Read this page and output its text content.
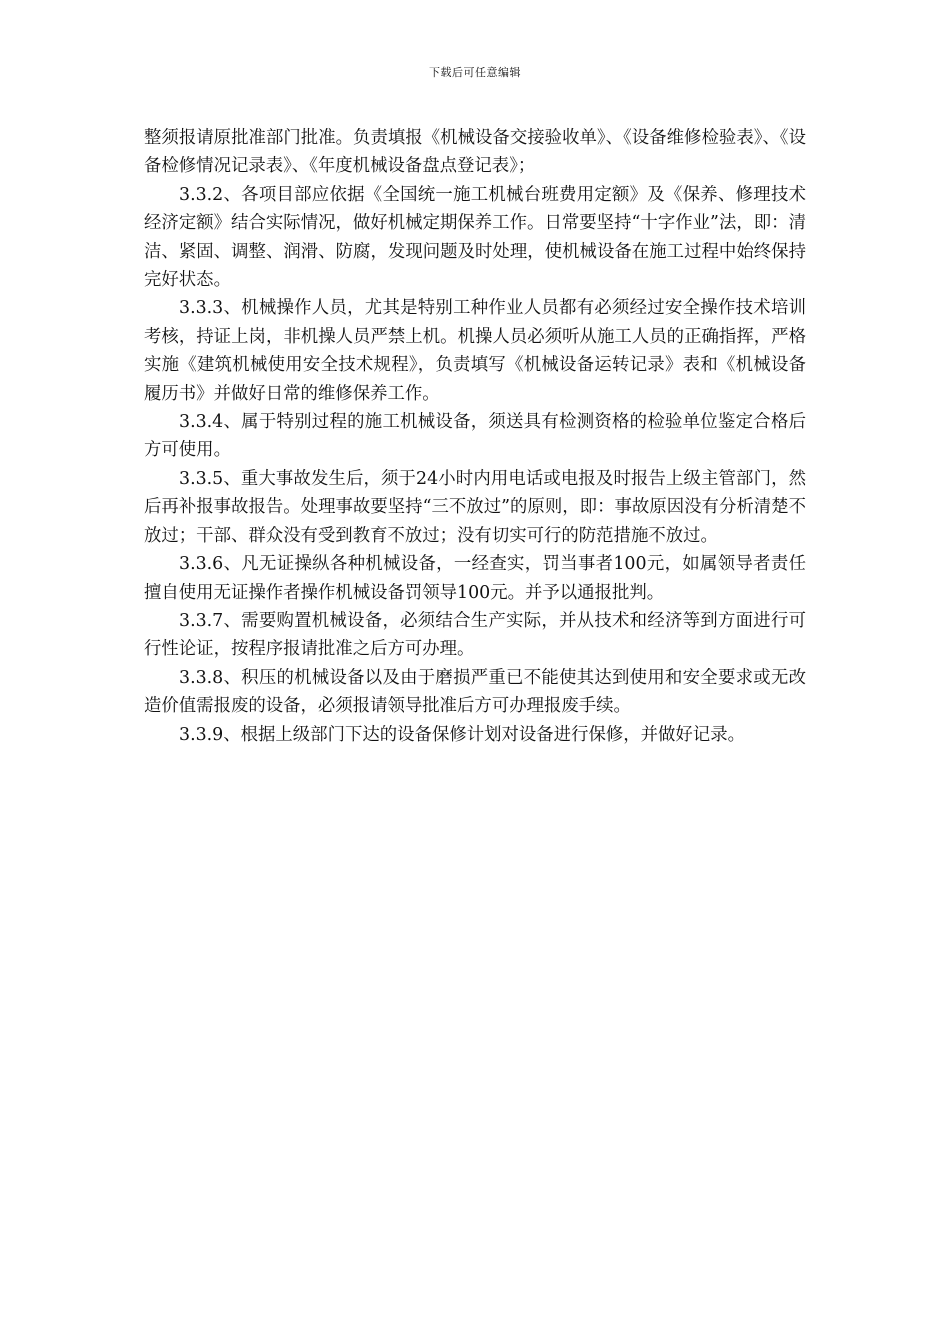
下载后可任意编辑

整须报请原批准部门批准。负责填报《机械设备交接验收单》、《设备维修检验表》、《设备检修情况记录表》、《年度机械设备盘点登记表》；

3.3.2、各项目部应依据《全国统一施工机械台班费用定额》及《保养、修理技术经济定额》结合实际情况，做好机械定期保养工作。日常要坚持“十字作业”法，即：清洁、紧固、调整、润滑、防腐，发现问题及时处理，使机械设备在施工过程中始终保持完好状态。

3.3.3、机械操作人员，尤其是特别工种作业人员都有必须经过安全操作技术培训考核，持证上岗，非机操人员严禁上机。机操人员必须听从施工人员的正确指挥，严格实施《建筑机械使用安全技术规程》，负责填写《机械设备运转记录》表和《机械设备履历书》并做好日常的维修保养工作。

3.3.4、属于特别过程的施工机械设备，须送具有检测资格的检验单位鉴定合格后方可使用。

3.3.5、重大事故发生后，须于24小时内用电话或电报及时报告上级主管部门，然后再补报事故报告。处理事故要坚持“三不放过”的原则，即：事故原因没有分析清楚不放过；干部、群众没有受到教育不放过；没有切实可行的防范措施不放过。

3.3.6、凡无证操纵各种机械设备，一经查实，罚当事者100元，如属领导者责任擅自使用无证操作者操作机械设备罚领导100元。并予以通报批判。

3.3.7、需要购置机械设备，必须结合生产实际，并从技术和经济等到方面进行可行性论证，按程序报请批准之后方可办理。

3.3.8、积压的机械设备以及由于磨损严重已不能使其达到使用和安全要求或无改造价值需报废的设备，必须报请领导批准后方可办理报废手续。

3.3.9、根据上级部门下达的设备保修计划对设备进行保修，并做好记录。
